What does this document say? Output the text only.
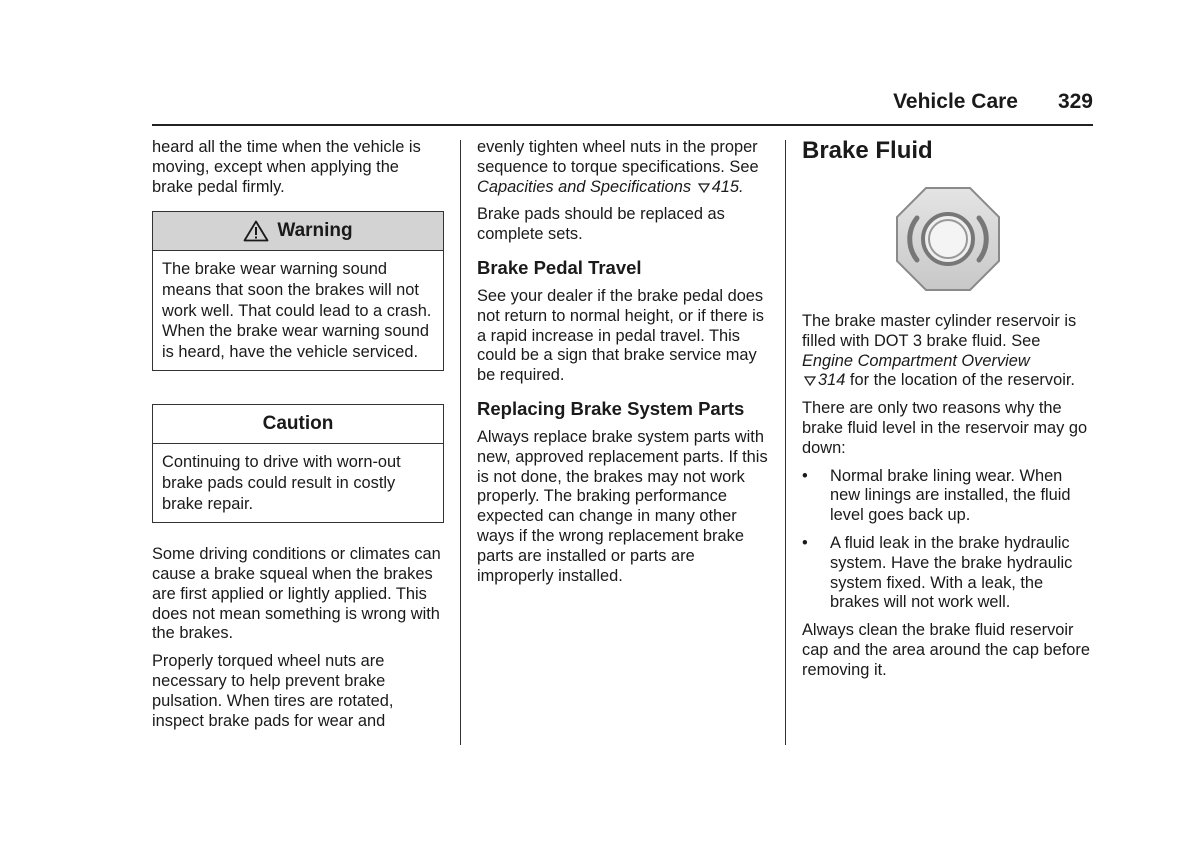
Vehicle Care 329

heard all the time when the vehicle is moving, except when applying the brake pedal firmly.

Warning
The brake wear warning sound means that soon the brakes will not work well. That could lead to a crash. When the brake wear warning sound is heard, have the vehicle serviced.
Caution
Continuing to drive with worn-out brake pads could result in costly brake repair.

Some driving conditions or climates can cause a brake squeal when the brakes are first applied or lightly applied. This does not mean something is wrong with the brakes.

Properly torqued wheel nuts are necessary to help prevent brake pulsation. When tires are rotated, inspect brake pads for wear and

evenly tighten wheel nuts in the proper sequence to torque specifications. See Capacities and Specifications 415.

Brake pads should be replaced as complete sets.

Brake Pedal Travel

See your dealer if the brake pedal does not return to normal height, or if there is a rapid increase in pedal travel. This could be a sign that brake service may be required.

Replacing Brake System Parts

Always replace brake system parts with new, approved replacement parts. If this is not done, the brakes may not work properly. The braking performance expected can change in many other ways if the wrong replacement brake parts are installed or parts are improperly installed.

Brake Fluid

The brake master cylinder reservoir is filled with DOT 3 brake fluid. See Engine Compartment Overview
314 for the location of the reservoir.

There are only two reasons why the brake fluid level in the reservoir may go down:

• Normal brake lining wear. When new linings are installed, the fluid level goes back up.
• A fluid leak in the brake hydraulic system. Have the brake hydraulic system fixed. With a leak, the brakes will not work well.

Always clean the brake fluid reservoir cap and the area around the cap before removing it.
